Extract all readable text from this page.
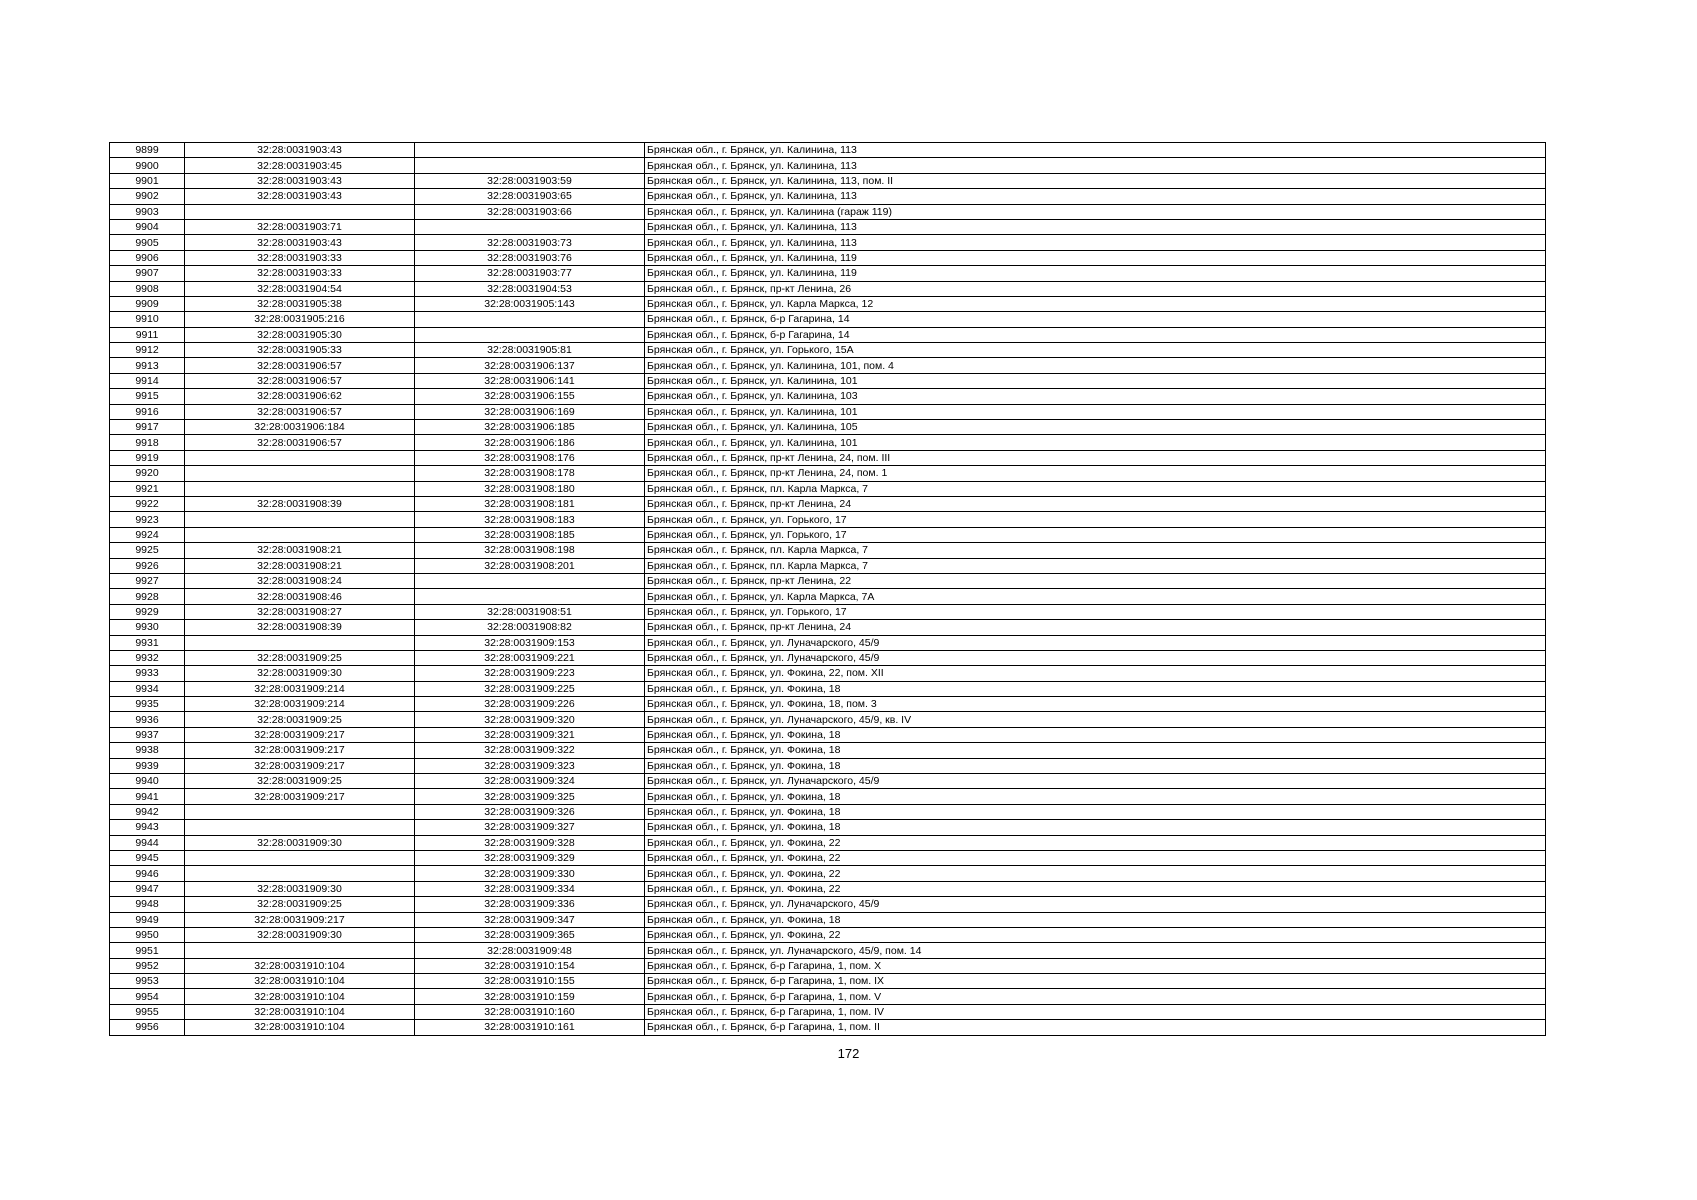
9899	32:28:0031903:43		Брянская обл., г. Брянск, ул. Калинина, 113
9900	32:28:0031903:45		Брянская обл., г. Брянск, ул. Калинина, 113
9901	32:28:0031903:43	32:28:0031903:59	Брянская обл., г. Брянск, ул. Калинина, 113, пом. II
9902	32:28:0031903:43	32:28:0031903:65	Брянская обл., г. Брянск, ул. Калинина, 113
9903		32:28:0031903:66	Брянская обл., г. Брянск, ул. Калинина (гараж 119)
9904	32:28:0031903:71		Брянская обл., г. Брянск, ул. Калинина, 113
9905	32:28:0031903:43	32:28:0031903:73	Брянская обл., г. Брянск, ул. Калинина, 113
9906	32:28:0031903:33	32:28:0031903:76	Брянская обл., г. Брянск, ул. Калинина, 119
9907	32:28:0031903:33	32:28:0031903:77	Брянская обл., г. Брянск, ул. Калинина, 119
9908	32:28:0031904:54	32:28:0031904:53	Брянская обл., г. Брянск, пр-кт Ленина, 26
9909	32:28:0031905:38	32:28:0031905:143	Брянская обл., г. Брянск, ул. Карла Маркса, 12
9910	32:28:0031905:216		Брянская обл., г. Брянск, б-р Гагарина, 14
9911	32:28:0031905:30		Брянская обл., г. Брянск, б-р Гагарина, 14
9912	32:28:0031905:33	32:28:0031905:81	Брянская обл., г. Брянск, ул. Горького, 15А
9913	32:28:0031906:57	32:28:0031906:137	Брянская обл., г. Брянск, ул. Калинина, 101, пом. 4
9914	32:28:0031906:57	32:28:0031906:141	Брянская обл., г. Брянск, ул. Калинина, 101
9915	32:28:0031906:62	32:28:0031906:155	Брянская обл., г. Брянск, ул. Калинина, 103
9916	32:28:0031906:57	32:28:0031906:169	Брянская обл., г. Брянск, ул. Калинина, 101
9917	32:28:0031906:184	32:28:0031906:185	Брянская обл., г. Брянск, ул. Калинина, 105
9918	32:28:0031906:57	32:28:0031906:186	Брянская обл., г. Брянск, ул. Калинина, 101
9919		32:28:0031908:176	Брянская обл., г. Брянск, пр-кт Ленина, 24, пом. III
9920		32:28:0031908:178	Брянская обл., г. Брянск, пр-кт Ленина, 24, пом. 1
9921		32:28:0031908:180	Брянская обл., г. Брянск, пл. Карла Маркса, 7
9922	32:28:0031908:39	32:28:0031908:181	Брянская обл., г. Брянск, пр-кт Ленина, 24
9923		32:28:0031908:183	Брянская обл., г. Брянск, ул. Горького, 17
9924		32:28:0031908:185	Брянская обл., г. Брянск, ул. Горького, 17
9925	32:28:0031908:21	32:28:0031908:198	Брянская обл., г. Брянск, пл. Карла Маркса, 7
9926	32:28:0031908:21	32:28:0031908:201	Брянская обл., г. Брянск, пл. Карла Маркса, 7
9927	32:28:0031908:24		Брянская обл., г. Брянск, пр-кт Ленина, 22
9928	32:28:0031908:46		Брянская обл., г. Брянск, ул. Карла Маркса, 7А
9929	32:28:0031908:27	32:28:0031908:51	Брянская обл., г. Брянск, ул. Горького, 17
9930	32:28:0031908:39	32:28:0031908:82	Брянская обл., г. Брянск, пр-кт Ленина, 24
9931		32:28:0031909:153	Брянская обл., г. Брянск, ул. Луначарского, 45/9
9932	32:28:0031909:25	32:28:0031909:221	Брянская обл., г. Брянск, ул. Луначарского, 45/9
9933	32:28:0031909:30	32:28:0031909:223	Брянская обл., г. Брянск, ул. Фокина, 22, пом. XII
9934	32:28:0031909:214	32:28:0031909:225	Брянская обл., г. Брянск, ул. Фокина, 18
9935	32:28:0031909:214	32:28:0031909:226	Брянская обл., г. Брянск, ул. Фокина, 18, пом. 3
9936	32:28:0031909:25	32:28:0031909:320	Брянская обл., г. Брянск, ул. Луначарского, 45/9, кв. IV
9937	32:28:0031909:217	32:28:0031909:321	Брянская обл., г. Брянск, ул. Фокина, 18
9938	32:28:0031909:217	32:28:0031909:322	Брянская обл., г. Брянск, ул. Фокина, 18
9939	32:28:0031909:217	32:28:0031909:323	Брянская обл., г. Брянск, ул. Фокина, 18
9940	32:28:0031909:25	32:28:0031909:324	Брянская обл., г. Брянск, ул. Луначарского, 45/9
9941	32:28:0031909:217	32:28:0031909:325	Брянская обл., г. Брянск, ул. Фокина, 18
9942		32:28:0031909:326	Брянская обл., г. Брянск, ул. Фокина, 18
9943		32:28:0031909:327	Брянская обл., г. Брянск, ул. Фокина, 18
9944	32:28:0031909:30	32:28:0031909:328	Брянская обл., г. Брянск, ул. Фокина, 22
9945		32:28:0031909:329	Брянская обл., г. Брянск, ул. Фокина, 22
9946		32:28:0031909:330	Брянская обл., г. Брянск, ул. Фокина, 22
9947	32:28:0031909:30	32:28:0031909:334	Брянская обл., г. Брянск, ул. Фокина, 22
9948	32:28:0031909:25	32:28:0031909:336	Брянская обл., г. Брянск, ул. Луначарского, 45/9
9949	32:28:0031909:217	32:28:0031909:347	Брянская обл., г. Брянск, ул. Фокина, 18
9950	32:28:0031909:30	32:28:0031909:365	Брянская обл., г. Брянск, ул. Фокина, 22
9951		32:28:0031909:48	Брянская обл., г. Брянск, ул. Луначарского, 45/9, пом. 14
9952	32:28:0031910:104	32:28:0031910:154	Брянская обл., г. Брянск, б-р Гагарина, 1, пом. X
9953	32:28:0031910:104	32:28:0031910:155	Брянская обл., г. Брянск, б-р Гагарина, 1, пом. IX
9954	32:28:0031910:104	32:28:0031910:159	Брянская обл., г. Брянск, б-р Гагарина, 1, пом. V
9955	32:28:0031910:104	32:28:0031910:160	Брянская обл., г. Брянск, б-р Гагарина, 1, пом. IV
9956	32:28:0031910:104	32:28:0031910:161	Брянская обл., г. Брянск, б-р Гагарина, 1, пом. II
172
